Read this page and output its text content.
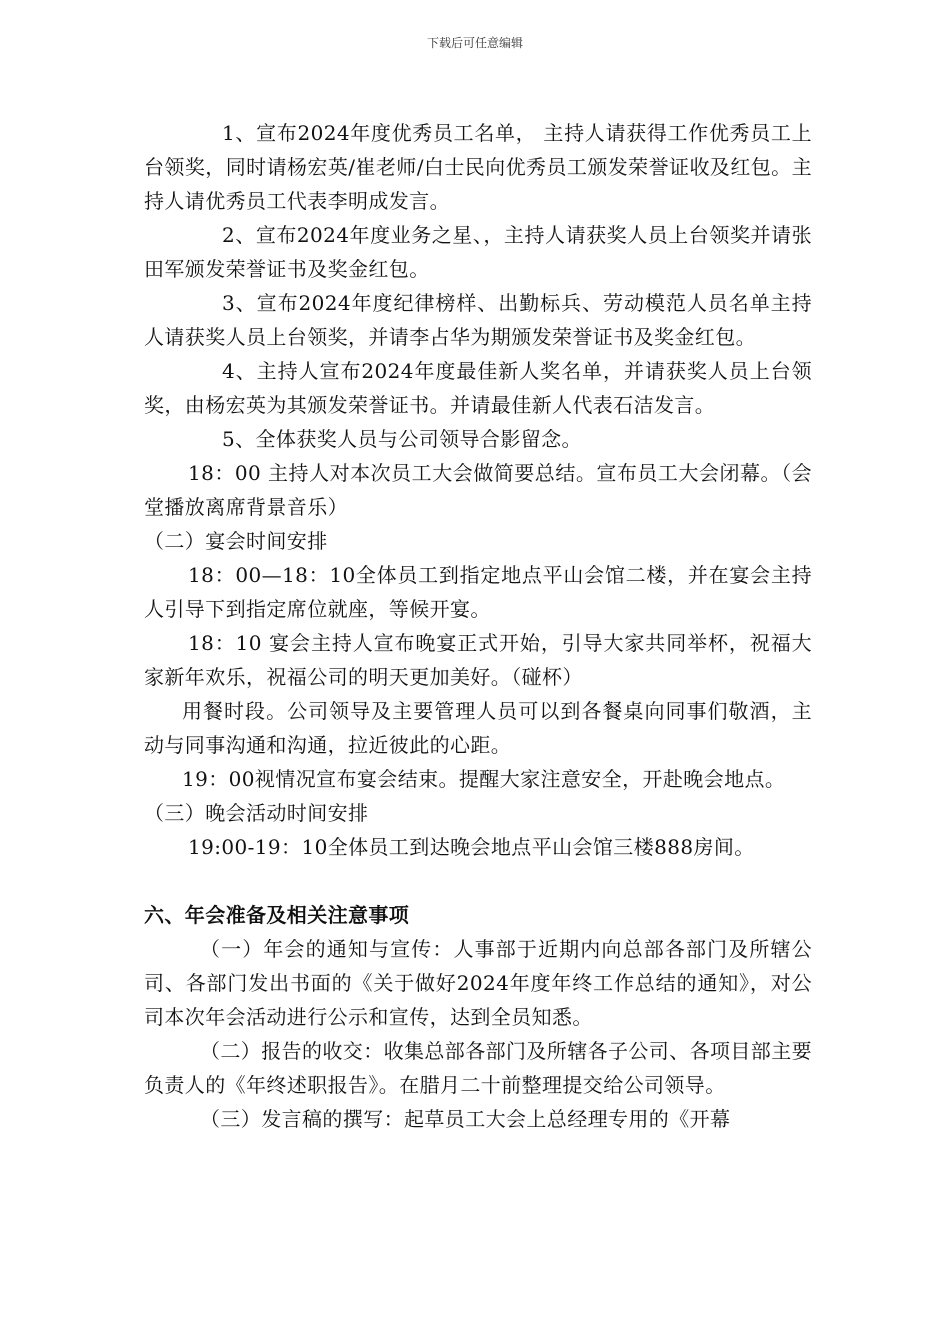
下载后可任意编辑

1、宣布2024年度优秀员工名单， 主持人请获得工作优秀员工上台领奖，同时请杨宏英/崔老师/白士民向优秀员工颁发荣誉证收及红包。主持人请优秀员工代表李明成发言。

2、宣布2024年度业务之星、，主持人请获奖人员上台领奖并请张田军颁发荣誉证书及奖金红包。

3、宣布2024年度纪律榜样、出勤标兵、劳动模范人员名单主持人请获奖人员上台领奖，并请李占华为期颁发荣誉证书及奖金红包。

4、主持人宣布2024年度最佳新人奖名单，并请获奖人员上台领奖，由杨宏英为其颁发荣誉证书。并请最佳新人代表石洁发言。

5、全体获奖人员与公司领导合影留念。

18：00 主持人对本次员工大会做简要总结。宣布员工大会闭幕。（会堂播放离席背景音乐）

（二）宴会时间安排

18：00—18：10全体员工到指定地点平山会馆二楼，并在宴会主持人引导下到指定席位就座，等候开宴。

18：10 宴会主持人宣布晚宴正式开始，引导大家共同举杯，祝福大家新年欢乐，祝福公司的明天更加美好。（碰杯）

用餐时段。公司领导及主要管理人员可以到各餐桌向同事们敬酒，主动与同事沟通和沟通，拉近彼此的心距。

19：00视情况宣布宴会结束。提醒大家注意安全，开赴晚会地点。

（三）晚会活动时间安排

19:00-19：10全体员工到达晚会地点平山会馆三楼888房间。

六、年会准备及相关注意事项

（一）年会的通知与宣传：人事部于近期内向总部各部门及所辖公司、各部门发出书面的《关于做好2024年度年终工作总结的通知》，对公司本次年会活动进行公示和宣传，达到全员知悉。

（二）报告的收交：收集总部各部门及所辖各子公司、各项目部主要负责人的《年终述职报告》。在腊月二十前整理提交给公司领导。

（三）发言稿的撰写：起草员工大会上总经理专用的《开幕
